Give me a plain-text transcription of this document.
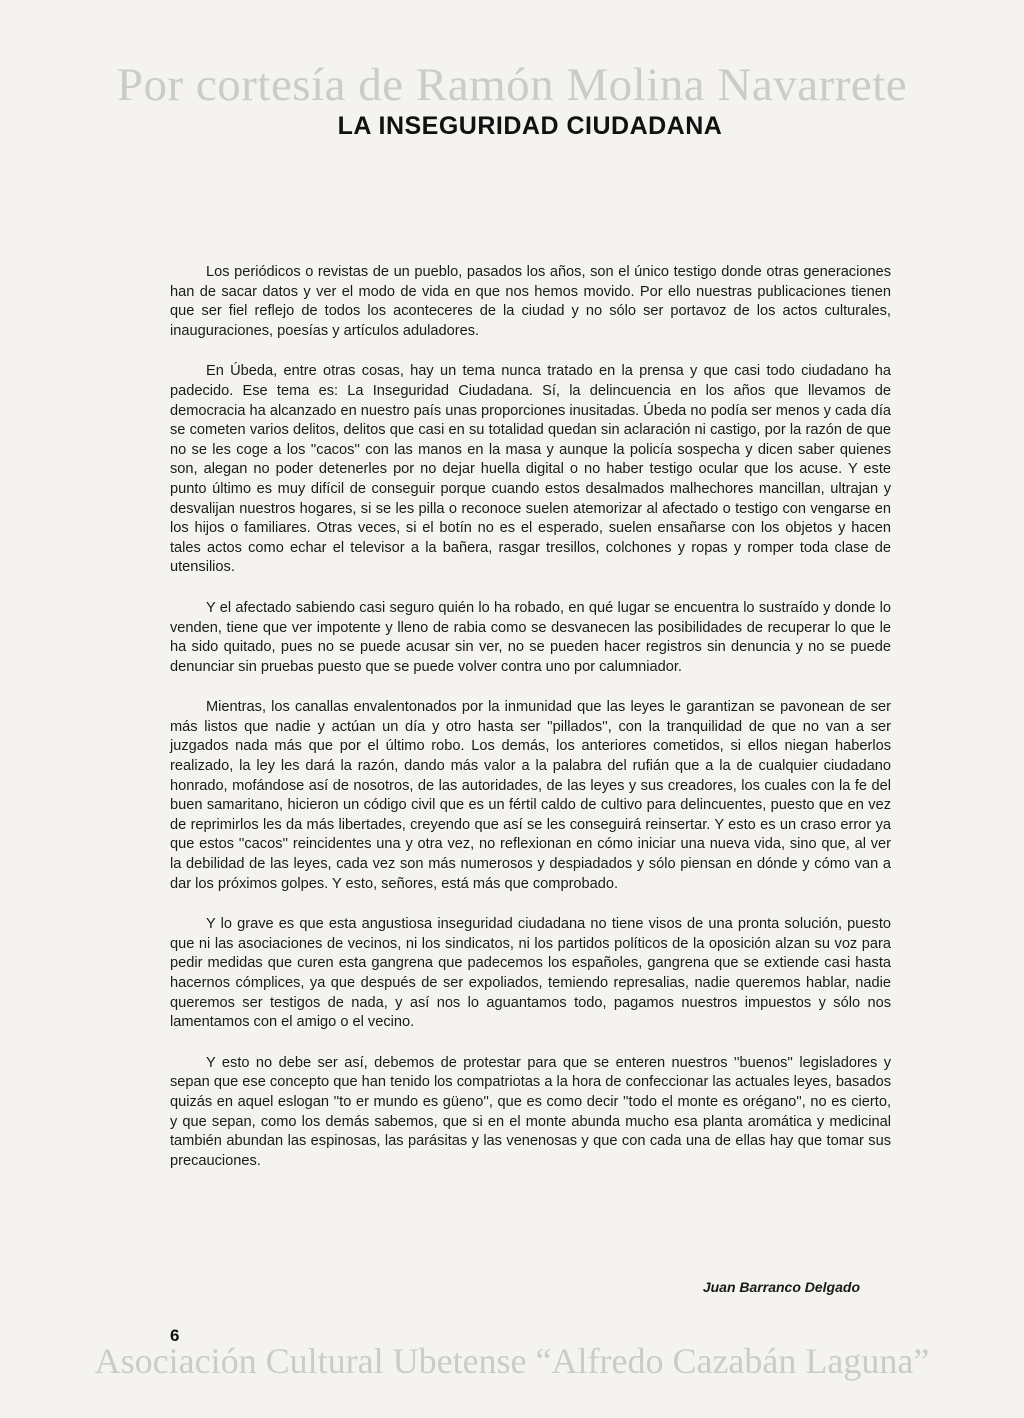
Por cortesía de Ramón Molina Navarrete
LA INSEGURIDAD CIUDADANA

Los periódicos o revistas de un pueblo, pasados los años, son el único testigo donde otras generaciones han de sacar datos y ver el modo de vida en que nos hemos movido. Por ello nuestras publicaciones tienen que ser fiel reflejo de todos los aconteceres de la ciudad y no sólo ser portavoz de los actos culturales, inauguraciones, poesías y artículos aduladores.

En Úbeda, entre otras cosas, hay un tema nunca tratado en la prensa y que casi todo ciudadano ha padecido. Ese tema es: La Inseguridad Ciudadana. Sí, la delincuencia en los años que llevamos de democracia ha alcanzado en nuestro país unas proporciones inusitadas. Úbeda no podía ser menos y cada día se cometen varios delitos, delitos que casi en su totalidad quedan sin aclaración ni castigo, por la razón de que no se les coge a los ''cacos'' con las manos en la masa y aunque la policía sospecha y dicen saber quienes son, alegan no poder detenerles por no dejar huella digital o no haber testigo ocular que los acuse. Y este punto último es muy difícil de conseguir porque cuando estos desalmados malhechores mancillan, ultrajan y desvalijan nuestros hogares, si se les pilla o reconoce suelen atemorizar al afectado o testigo con vengarse en los hijos o familiares. Otras veces, si el botín no es el esperado, suelen ensañarse con los objetos y hacen tales actos como echar el televisor a la bañera, rasgar tresillos, colchones y ropas y romper toda clase de utensilios.

Y el afectado sabiendo casi seguro quién lo ha robado, en qué lugar se encuentra lo sustraído y donde lo venden, tiene que ver impotente y lleno de rabia como se desvanecen las posibilidades de recuperar lo que le ha sido quitado, pues no se puede acusar sin ver, no se pueden hacer registros sin denuncia y no se puede denunciar sin pruebas puesto que se puede volver contra uno por calumniador.

Mientras, los canallas envalentonados por la inmunidad que las leyes le garantizan se pavonean de ser más listos que nadie y actúan un día y otro hasta ser ''pillados'', con la tranquilidad de que no van a ser juzgados nada más que por el último robo. Los demás, los anteriores cometidos, si ellos niegan haberlos realizado, la ley les dará la razón, dando más valor a la palabra del rufián que a la de cualquier ciudadano honrado, mofándose así de nosotros, de las autoridades, de las leyes y sus creadores, los cuales con la fe del buen samaritano, hicieron un código civil que es un fértil caldo de cultivo para delincuentes, puesto que en vez de reprimirlos les da más libertades, creyendo que así se les conseguirá reinsertar. Y esto es un craso error ya que estos ''cacos'' reincidentes una y otra vez, no reflexionan en cómo iniciar una nueva vida, sino que, al ver la debilidad de las leyes, cada vez son más numerosos y despiadados y sólo piensan en dónde y cómo van a dar los próximos golpes. Y esto, señores, está más que comprobado.

Y lo grave es que esta angustiosa inseguridad ciudadana no tiene visos de una pronta solución, puesto que ni las asociaciones de vecinos, ni los sindicatos, ni los partidos políticos de la oposición alzan su voz para pedir medidas que curen esta gangrena que padecemos los españoles, gangrena que se extiende casi hasta hacernos cómplices, ya que después de ser expoliados, temiendo represalias, nadie queremos hablar, nadie queremos ser testigos de nada, y así nos lo aguantamos todo, pagamos nuestros impuestos y sólo nos lamentamos con el amigo o el vecino.

Y esto no debe ser así, debemos de protestar para que se enteren nuestros ''buenos'' legisladores y sepan que ese concepto que han tenido los compatriotas a la hora de confeccionar las actuales leyes, basados quizás en aquel eslogan ''to er mundo es güeno'', que es como decir ''todo el monte es orégano'', no es cierto, y que sepan, como los demás sabemos, que si en el monte abunda mucho esa planta aromática y medicinal también abundan las espinosas, las parásitas y las venenosas y que con cada una de ellas hay que tomar sus precauciones.

Juan Barranco Delgado
6
Asociación Cultural Ubetense “Alfredo Cazabán Laguna”
